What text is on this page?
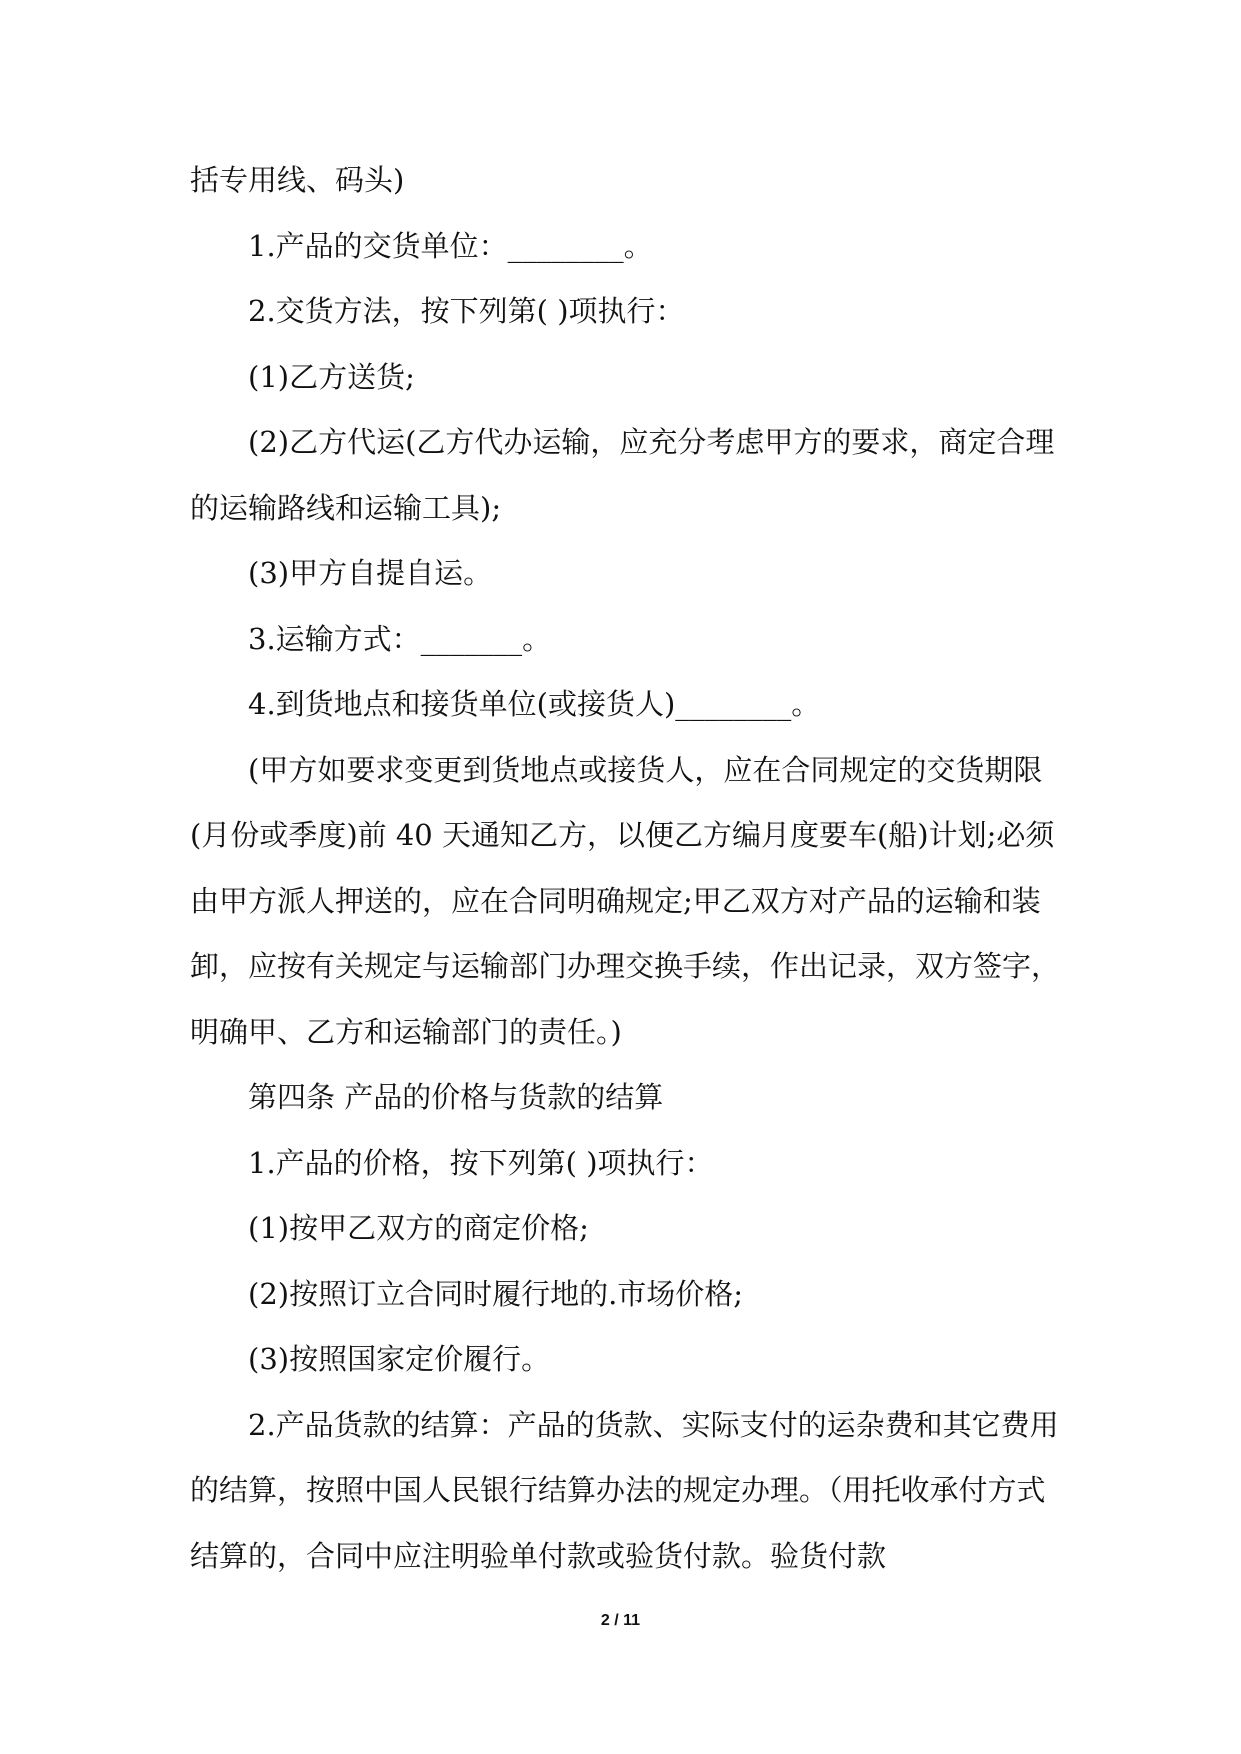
括专用线、码头)

1.产品的交货单位：________。

2.交货方法，按下列第( )项执行：

(1)乙方送货;

(2)乙方代运(乙方代办运输，应充分考虑甲方的要求，商定合理的运输路线和运输工具);

(3)甲方自提自运。

3.运输方式：_______。

4.到货地点和接货单位(或接货人)________。

(甲方如要求变更到货地点或接货人，应在合同规定的交货期限(月份或季度)前 40 天通知乙方，以便乙方编月度要车(船)计划;必须由甲方派人押送的，应在合同明确规定;甲乙双方对产品的运输和装卸，应按有关规定与运输部门办理交换手续，作出记录，双方签字，明确甲、乙方和运输部门的责任。)

第四条 产品的价格与货款的结算

1.产品的价格，按下列第( )项执行：

(1)按甲乙双方的商定价格;

(2)按照订立合同时履行地的.市场价格;

(3)按照国家定价履行。

2.产品货款的结算：产品的货款、实际支付的运杂费和其它费用的结算，按照中国人民银行结算办法的规定办理。（用托收承付方式结算的，合同中应注明验单付款或验货付款。验货付款

2 / 11
